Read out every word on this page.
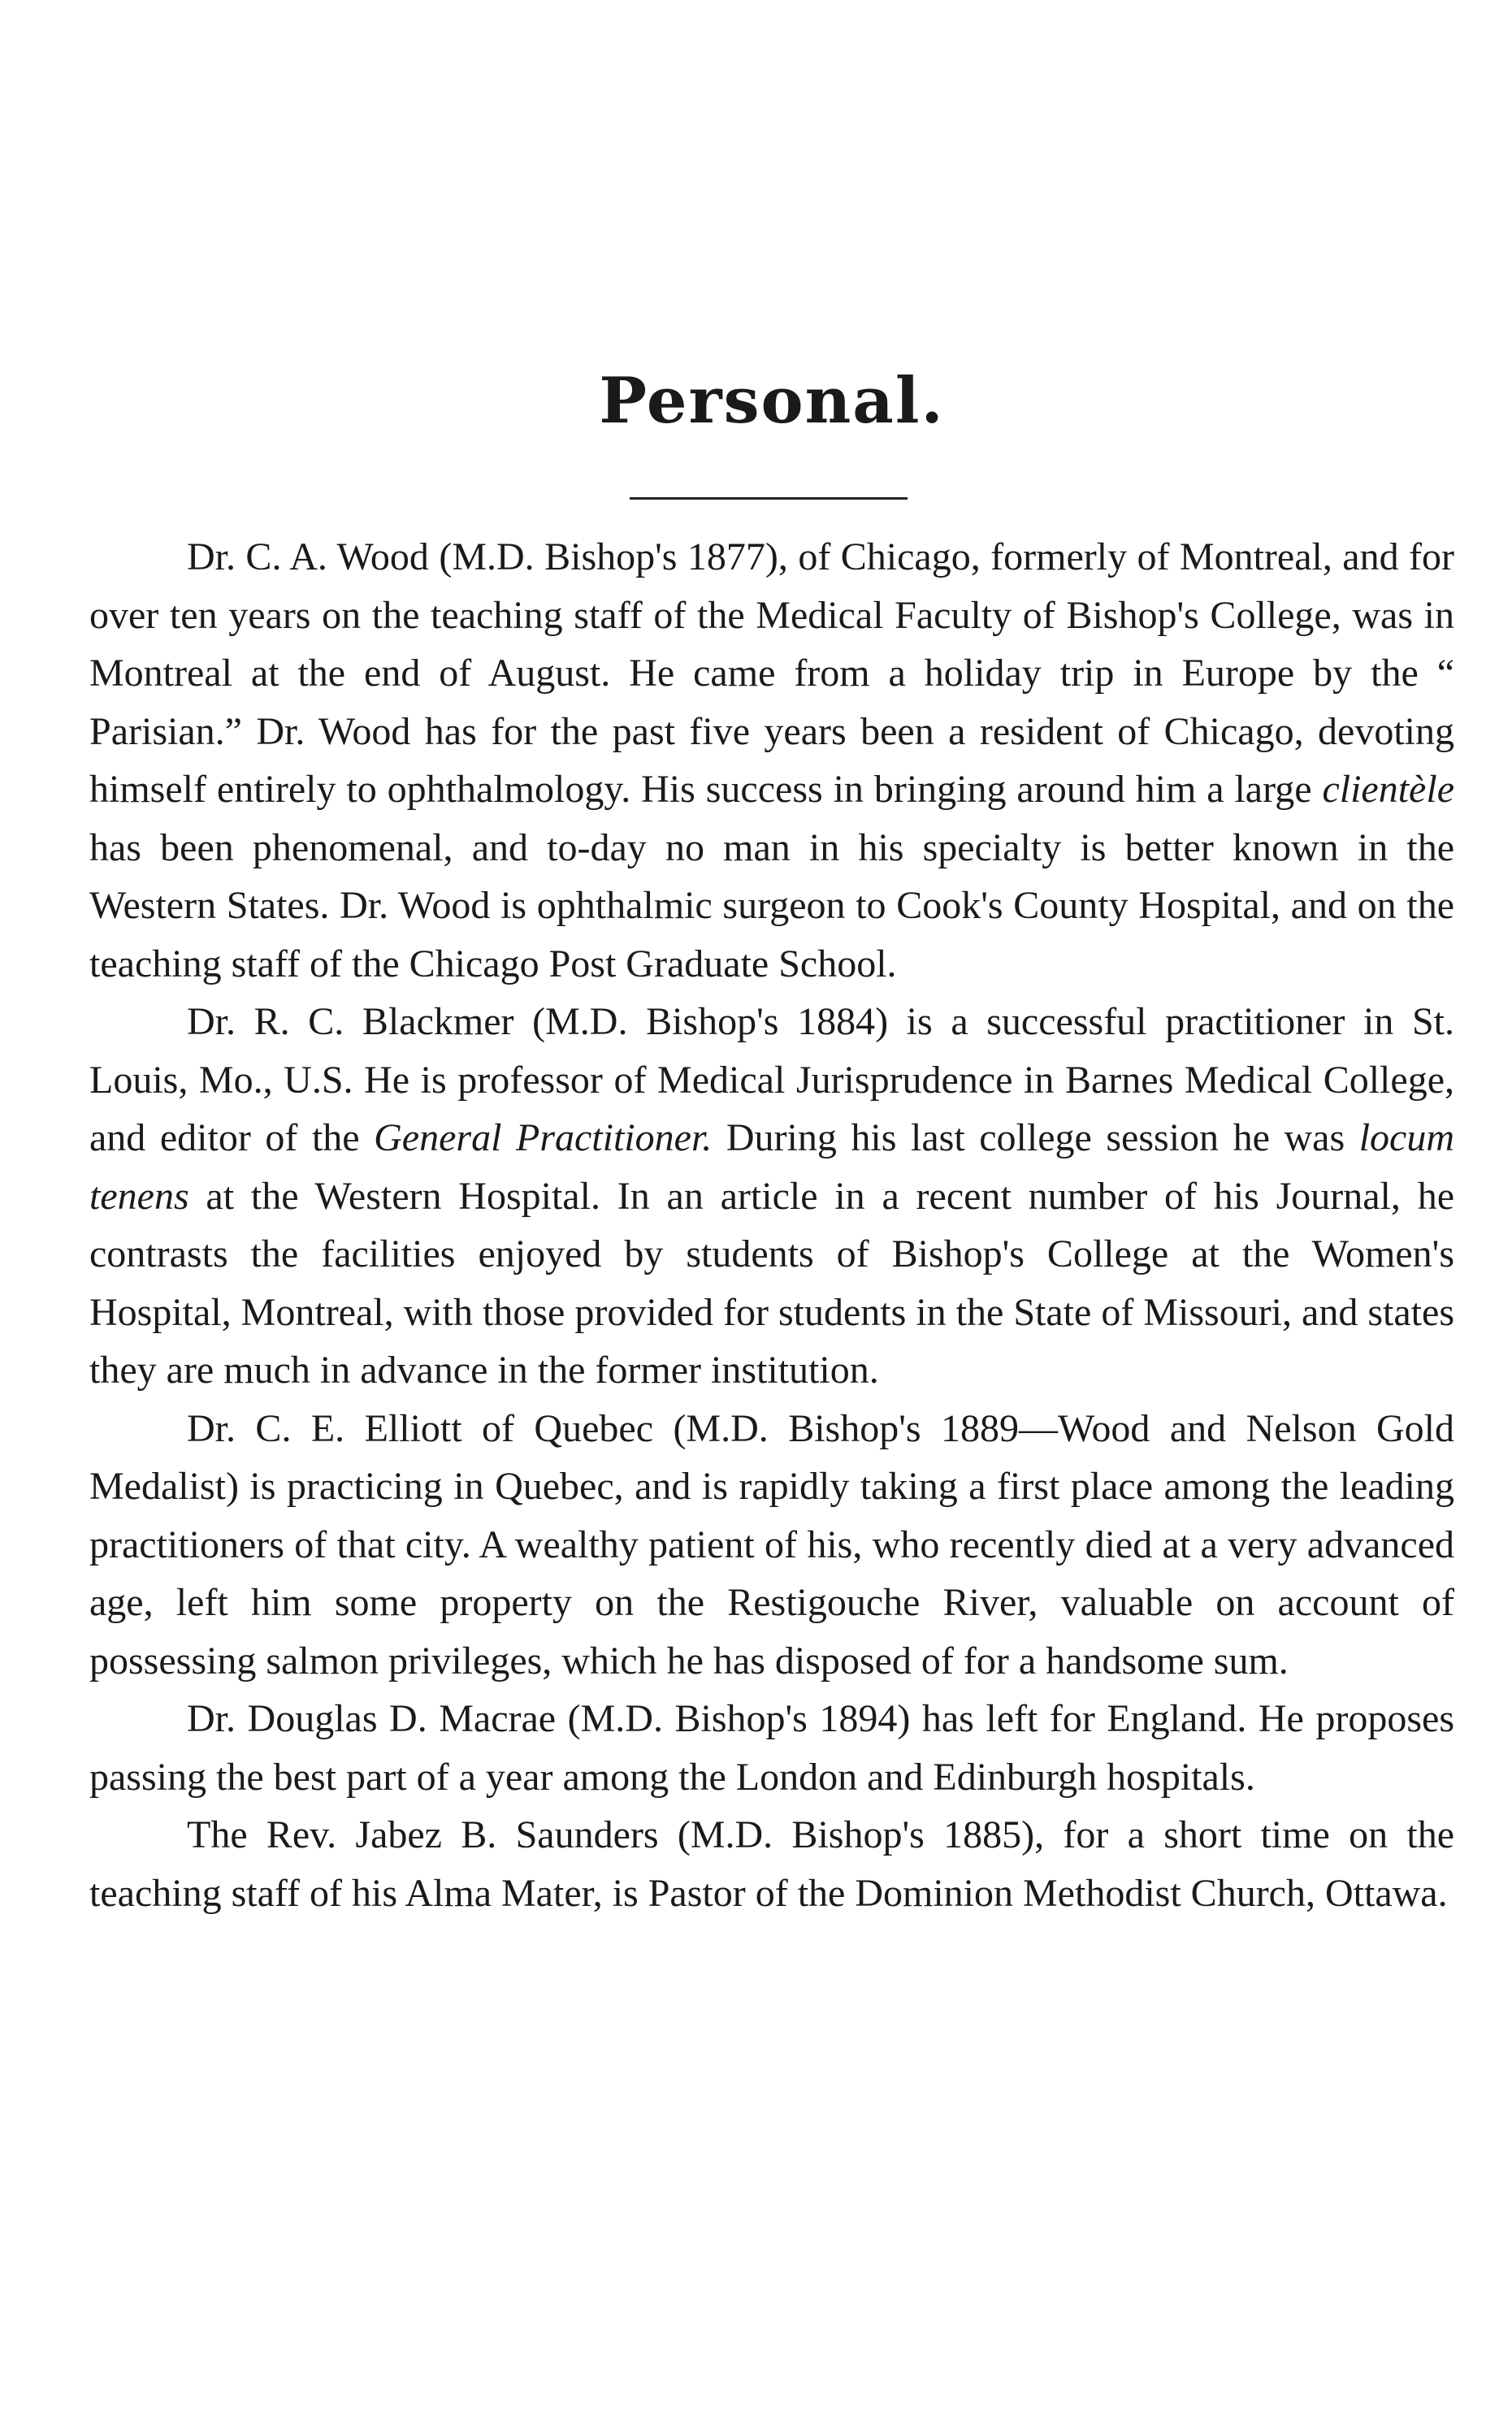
Personal.

Dr. C. A. Wood (M.D. Bishop's 1877), of Chicago, formerly of Montreal, and for over ten years on the teaching staff of the Medical Faculty of Bishop's College, was in Montreal at the end of August. He came from a holiday trip in Europe by the “ Parisian.” Dr. Wood has for the past five years been a resident of Chicago, devoting himself entirely to ophthalmology. His success in bringing around him a large clientèle has been phenomenal, and to-day no man in his specialty is better known in the Western States. Dr. Wood is ophthalmic surgeon to Cook's County Hospital, and on the teaching staff of the Chicago Post Graduate School.

Dr. R. C. Blackmer (M.D. Bishop's 1884) is a successful practitioner in St. Louis, Mo., U.S. He is professor of Medical Jurisprudence in Barnes Medical College, and editor of the General Practitioner. During his last college session he was locum tenens at the Western Hospital. In an article in a recent number of his Journal, he contrasts the facilities enjoyed by students of Bishop's College at the Women's Hospital, Montreal, with those provided for students in the State of Missouri, and states they are much in advance in the former institution.

Dr. C. E. Elliott of Quebec (M.D. Bishop's 1889—Wood and Nelson Gold Medalist) is practicing in Quebec, and is rapidly taking a first place among the leading practitioners of that city. A wealthy patient of his, who recently died at a very advanced age, left him some property on the Restigouche River, valuable on account of possessing salmon privileges, which he has disposed of for a handsome sum.

Dr. Douglas D. Macrae (M.D. Bishop's 1894) has left for England. He proposes passing the best part of a year among the London and Edinburgh hospitals.

The Rev. Jabez B. Saunders (M.D. Bishop's 1885), for a short time on the teaching staff of his Alma Mater, is Pastor of the Dominion Methodist Church, Ottawa.
